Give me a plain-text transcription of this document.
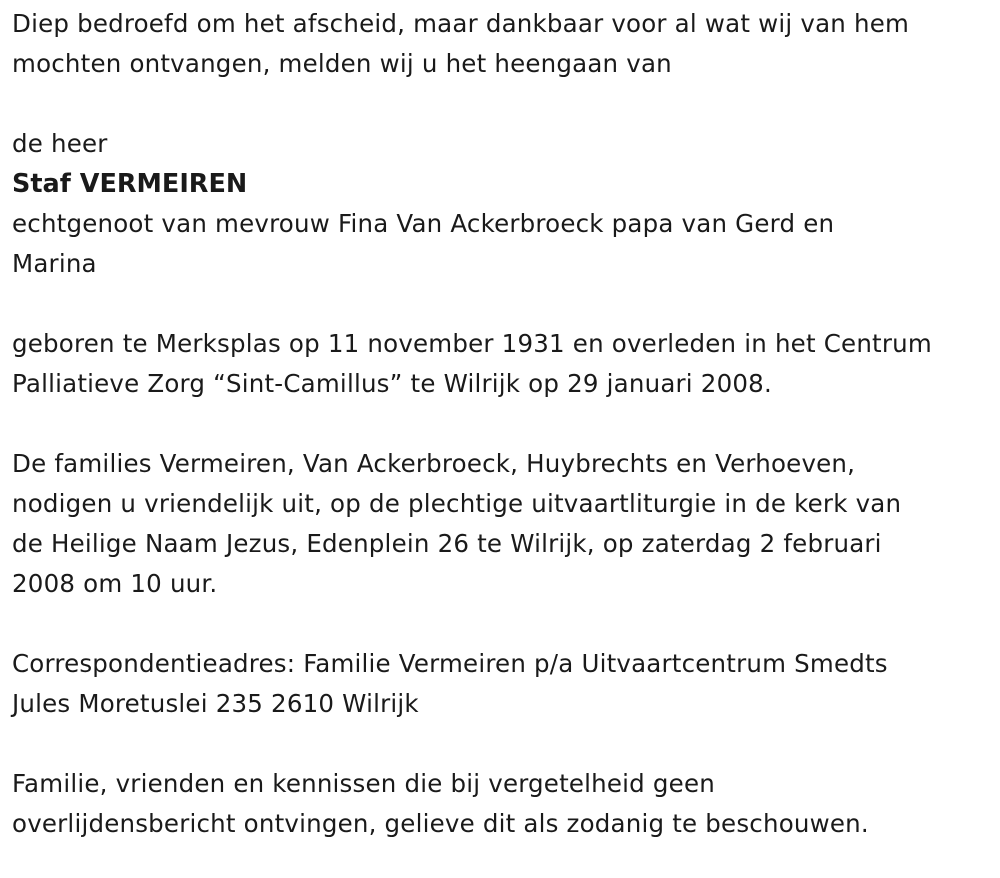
Diep bedroefd om het afscheid, maar dankbaar voor al wat wij van hem

mochten ontvangen, melden wij u het heengaan van

de heer

Staf VERMEIREN

echtgenoot van mevrouw Fina Van Ackerbroeck papa van Gerd en

Marina

geboren te Merksplas op 11 november 1931 en overleden in het Centrum

Palliatieve Zorg “Sint-Camillus” te Wilrijk op 29 januari 2008.

De families Vermeiren, Van Ackerbroeck, Huybrechts en Verhoeven,

nodigen u vriendelijk uit, op de plechtige uitvaartliturgie in de kerk van

de Heilige Naam Jezus, Edenplein 26 te Wilrijk, op zaterdag 2 februari

2008 om 10 uur.

Correspondentieadres: Familie Vermeiren p/a Uitvaartcentrum Smedts

Jules Moretuslei 235 2610 Wilrijk

Familie, vrienden en kennissen die bij vergetelheid geen

overlijdensbericht ontvingen, gelieve dit als zodanig te beschouwen.
